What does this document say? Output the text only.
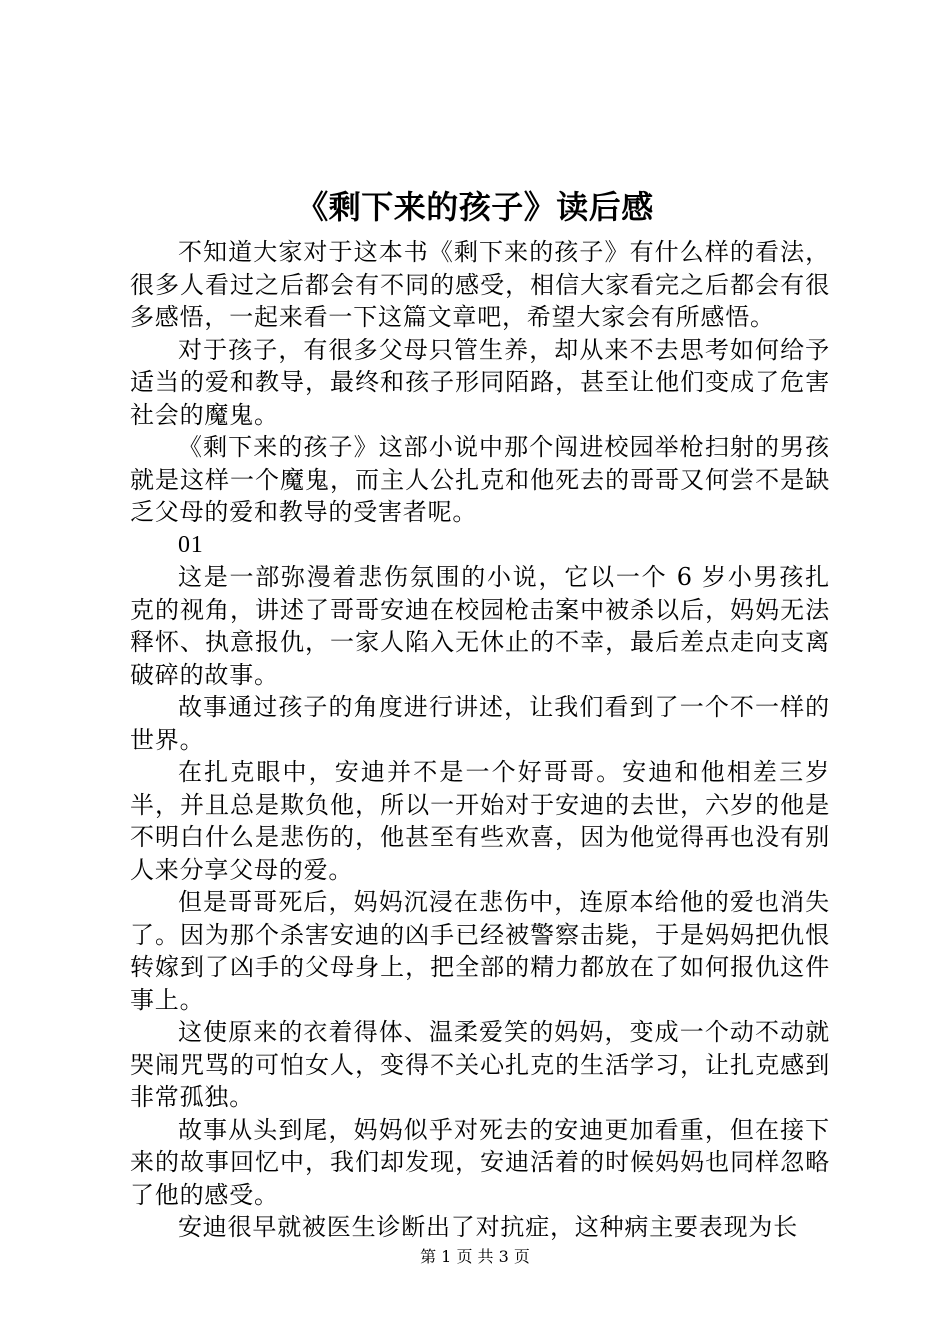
《剩下来的孩子》读后感

不知道大家对于这本书《剩下来的孩子》有什么样的看法，很多人看过之后都会有不同的感受，相信大家看完之后都会有很多感悟，一起来看一下这篇文章吧，希望大家会有所感悟。

对于孩子，有很多父母只管生养，却从来不去思考如何给予适当的爱和教导，最终和孩子形同陌路，甚至让他们变成了危害社会的魔鬼。

《剩下来的孩子》这部小说中那个闯进校园举枪扫射的男孩就是这样一个魔鬼，而主人公扎克和他死去的哥哥又何尝不是缺乏父母的爱和教导的受害者呢。

01

这是一部弥漫着悲伤氛围的小说，它以一个 6 岁小男孩扎克的视角，讲述了哥哥安迪在校园枪击案中被杀以后，妈妈无法释怀、执意报仇，一家人陷入无休止的不幸，最后差点走向支离破碎的故事。

故事通过孩子的角度进行讲述，让我们看到了一个不一样的世界。

在扎克眼中，安迪并不是一个好哥哥。安迪和他相差三岁半，并且总是欺负他，所以一开始对于安迪的去世，六岁的他是不明白什么是悲伤的，他甚至有些欢喜，因为他觉得再也没有别人来分享父母的爱。

但是哥哥死后，妈妈沉浸在悲伤中，连原本给他的爱也消失了。因为那个杀害安迪的凶手已经被警察击毙，于是妈妈把仇恨转嫁到了凶手的父母身上，把全部的精力都放在了如何报仇这件事上。

这使原来的衣着得体、温柔爱笑的妈妈，变成一个动不动就哭闹咒骂的可怕女人，变得不关心扎克的生活学习，让扎克感到非常孤独。

故事从头到尾，妈妈似乎对死去的安迪更加看重，但在接下来的故事回忆中，我们却发现，安迪活着的时候妈妈也同样忽略了他的感受。

安迪很早就被医生诊断出了对抗症，这种病主要表现为长

第 1 页 共 3 页
